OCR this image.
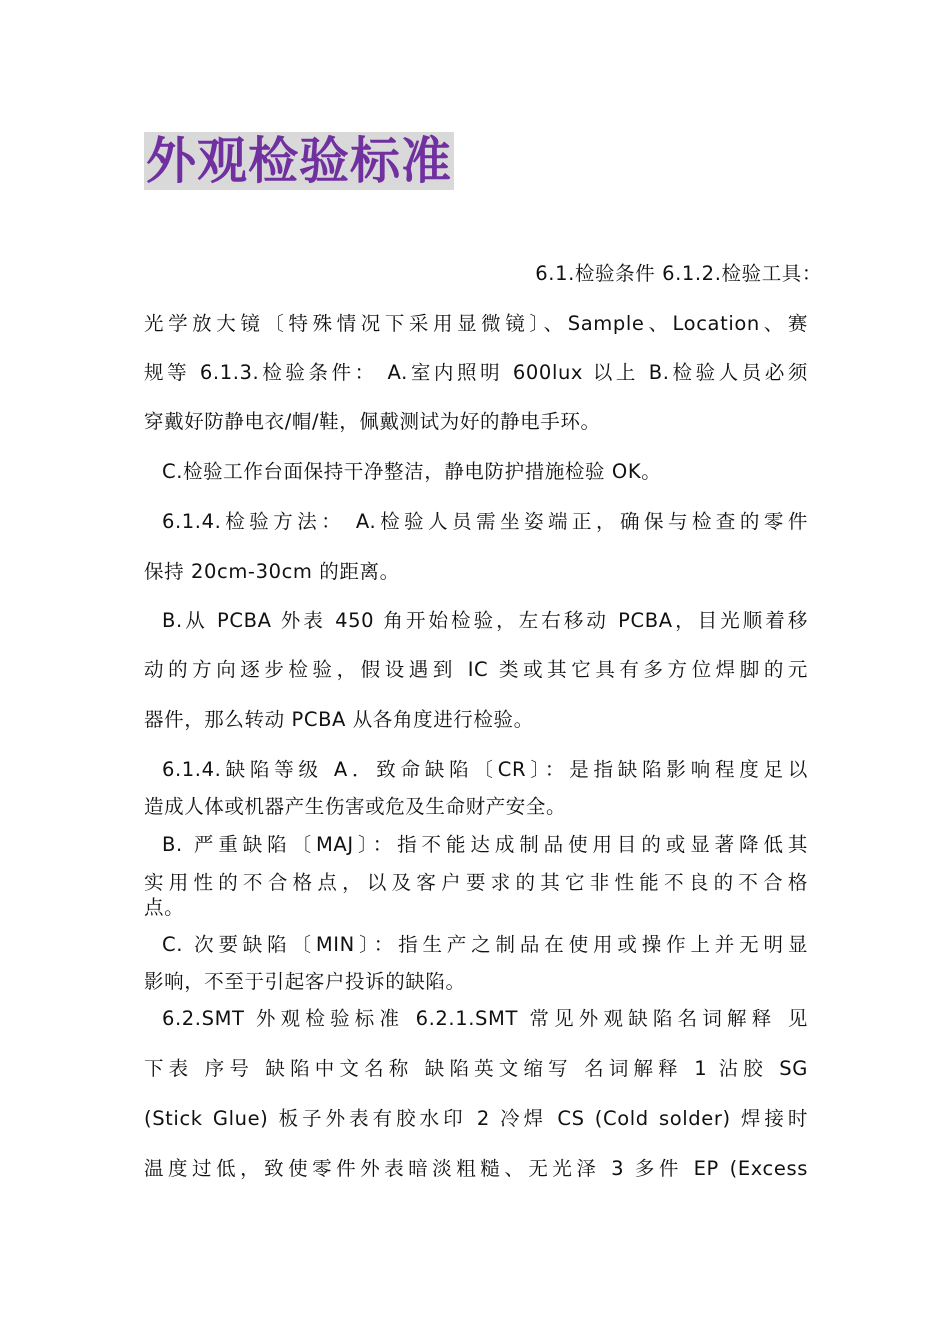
外观检验标准
6.1.检验条件 6.1.2.检验工具：
光学放大镜〔特殊情况下采用显微镜〕、Sample、Location、赛
规等 6.1.3.检验条件： A.室内照明 600lux 以上 B.检验人员必须
穿戴好防静电衣/帽/鞋，佩戴测试为好的静电手环。
C.检验工作台面保持干净整洁，静电防护措施检验 OK。
6.1.4.检验方法： A.检验人员需坐姿端正，确保与检查的零件
保持 20cm-30cm 的距离。
B.从 PCBA 外表 450 角开始检验，左右移动 PCBA，目光顺着移
动的方向逐步检验，假设遇到 IC 类或其它具有多方位焊脚的元
器件，那么转动 PCBA 从各角度进行检验。
6.1.4.缺陷等级 A．致命缺陷〔CR〕：是指缺陷影响程度足以
造成人体或机器产生伤害或危及生命财产安全。
B. 严重缺陷〔MAJ〕：指不能达成制品使用目的或显著降低其
实用性的不合格点，以及客户要求的其它非性能不良的不合格
点。
C. 次要缺陷〔MIN〕：指生产之制品在使用或操作上并无明显
影响，不至于引起客户投诉的缺陷。
6.2.SMT 外观检验标准 6.2.1.SMT 常见外观缺陷名词解释 见
下表 序号 缺陷中文名称 缺陷英文缩写 名词解释 1 沾胶 SG
(Stick Glue) 板子外表有胶水印 2 冷焊 CS (Cold solder) 焊接时
温度过低，致使零件外表暗淡粗糙、无光泽 3 多件 EP (Excess
